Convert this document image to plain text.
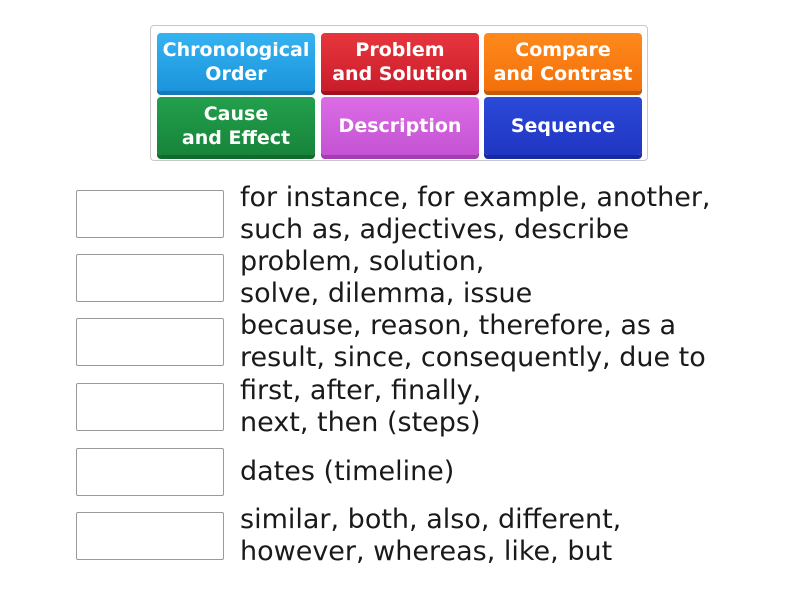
Chronological
Order
Problem
and Solution
Compare
and Contrast
Cause
and Effect
Description	Sequence
for instance, for example, another,
such as, adjectives, describe
problem, solution,
solve, dilemma, issue
because, reason, therefore, as a
result, since, consequently, due to
first, after, finally,
next, then (steps)
dates (timeline)
similar, both, also, different,
however, whereas, like, but
